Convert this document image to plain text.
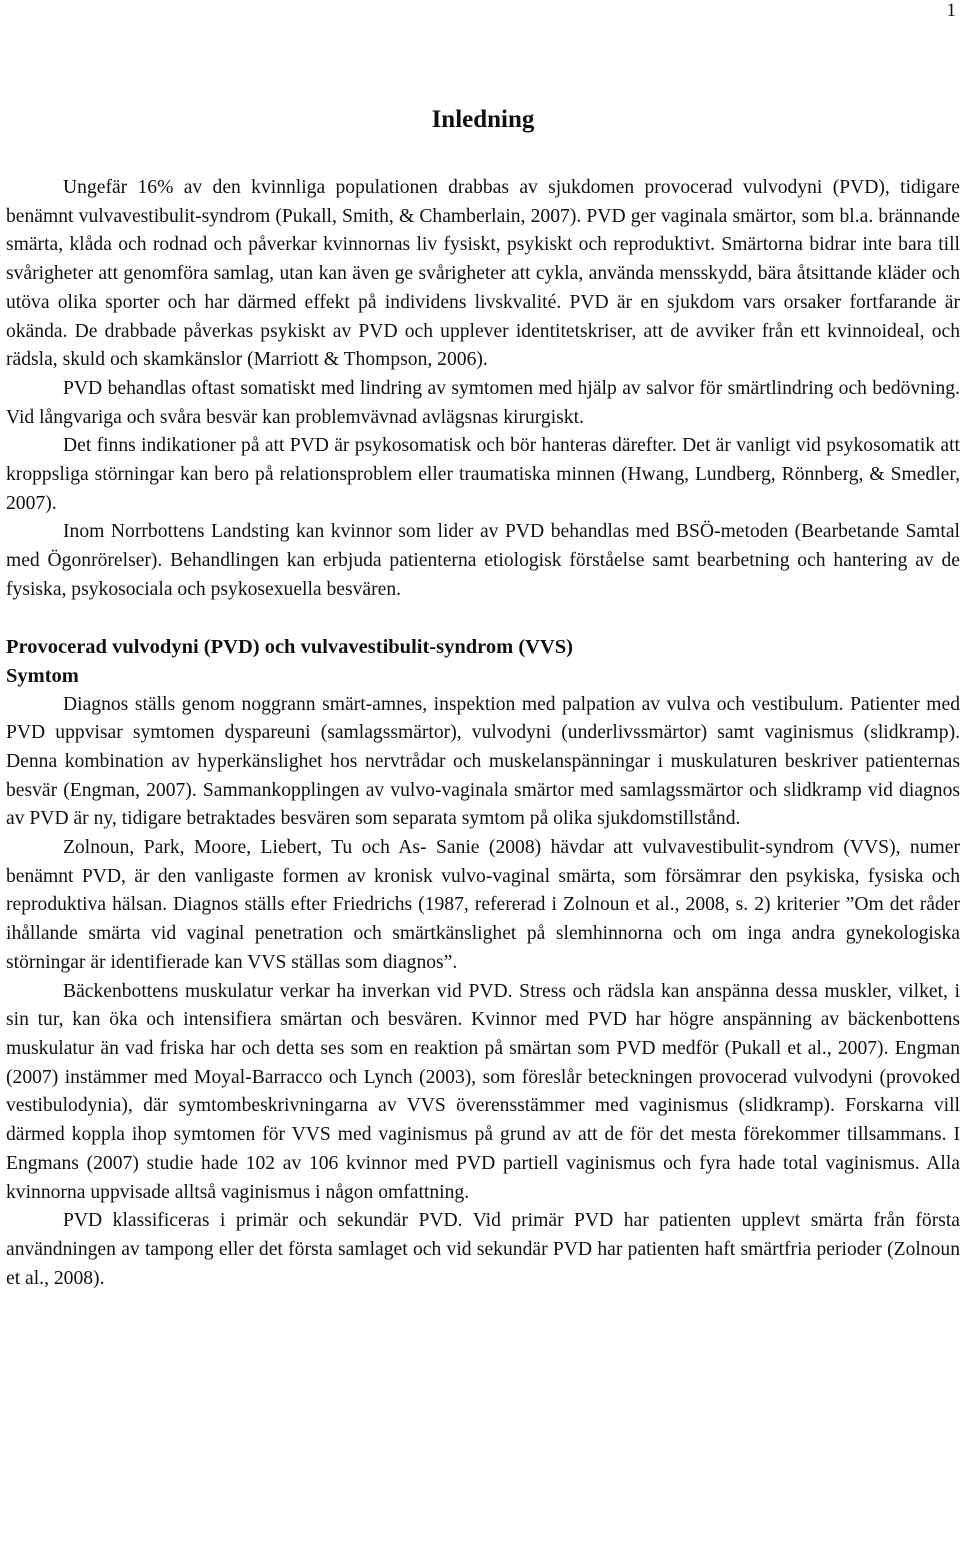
1
Inledning

Ungefär 16% av den kvinnliga populationen drabbas av sjukdomen provocerad vulvodyni (PVD), tidigare benämnt vulvavestibulit-syndrom (Pukall, Smith, & Chamberlain, 2007). PVD ger vaginala smärtor, som bl.a. brännande smärta, klåda och rodnad och påverkar kvinnornas liv fysiskt, psykiskt och reproduktivt. Smärtorna bidrar inte bara till svårigheter att genomföra samlag, utan kan även ge svårigheter att cykla, använda mensskydd, bära åtsittande kläder och utöva olika sporter och har därmed effekt på individens livskvalité. PVD är en sjukdom vars orsaker fortfarande är okända. De drabbade påverkas psykiskt av PVD och upplever identitetskriser, att de avviker från ett kvinnoideal, och rädsla, skuld och skamkänslor (Marriott & Thompson, 2006).

PVD behandlas oftast somatiskt med lindring av symtomen med hjälp av salvor för smärtlindring och bedövning. Vid långvariga och svåra besvär kan problemvävnad avlägsnas kirurgiskt.

Det finns indikationer på att PVD är psykosomatisk och bör hanteras därefter. Det är vanligt vid psykosomatik att kroppsliga störningar kan bero på relationsproblem eller traumatiska minnen (Hwang, Lundberg, Rönnberg, & Smedler, 2007).

Inom Norrbottens Landsting kan kvinnor som lider av PVD behandlas med BSÖ-metoden (Bearbetande Samtal med Ögonrörelser). Behandlingen kan erbjuda patienterna etiologisk förståelse samt bearbetning och hantering av de fysiska, psykosociala och psykosexuella besvären.

Provocerad vulvodyni (PVD) och vulvavestibulit-syndrom (VVS)
Symtom

Diagnos ställs genom noggrann smärt-amnes, inspektion med palpation av vulva och vestibulum. Patienter med PVD uppvisar symtomen dyspareuni (samlagssmärtor), vulvodyni (underlivssmärtor) samt vaginismus (slidkramp). Denna kombination av hyperkänslighet hos nervtrådar och muskelanspänningar i muskulaturen beskriver patienternas besvär (Engman, 2007). Sammankopplingen av vulvo-vaginala smärtor med samlagssmärtor och slidkramp vid diagnos av PVD är ny, tidigare betraktades besvären som separata symtom på olika sjukdomstillstånd.

Zolnoun, Park, Moore, Liebert, Tu och As- Sanie (2008) hävdar att vulvavestibulit-syndrom (VVS), numer benämnt PVD, är den vanligaste formen av kronisk vulvo-vaginal smärta, som försämrar den psykiska, fysiska och reproduktiva hälsan. Diagnos ställs efter Friedrichs (1987, refererad i Zolnoun et al., 2008, s. 2) kriterier ”Om det råder ihållande smärta vid vaginal penetration och smärtkänslighet på slemhinnorna och om inga andra gynekologiska störningar är identifierade kan VVS ställas som diagnos”.

Bäckenbottens muskulatur verkar ha inverkan vid PVD. Stress och rädsla kan anspänna dessa muskler, vilket, i sin tur, kan öka och intensifiera smärtan och besvären. Kvinnor med PVD har högre anspänning av bäckenbottens muskulatur än vad friska har och detta ses som en reaktion på smärtan som PVD medför (Pukall et al., 2007). Engman (2007) instämmer med Moyal-Barracco och Lynch (2003), som föreslår beteckningen provocerad vulvodyni (provoked vestibulodynia), där symtombeskrivningarna av VVS överensstämmer med vaginismus (slidkramp). Forskarna vill därmed koppla ihop symtomen för VVS med vaginismus på grund av att de för det mesta förekommer tillsammans. I Engmans (2007) studie hade 102 av 106 kvinnor med PVD partiell vaginismus och fyra hade total vaginismus. Alla kvinnorna uppvisade alltså vaginismus i någon omfattning.

PVD klassificeras i primär och sekundär PVD. Vid primär PVD har patienten upplevt smärta från första användningen av tampong eller det första samlaget och vid sekundär PVD har patienten haft smärtfria perioder (Zolnoun et al., 2008).
